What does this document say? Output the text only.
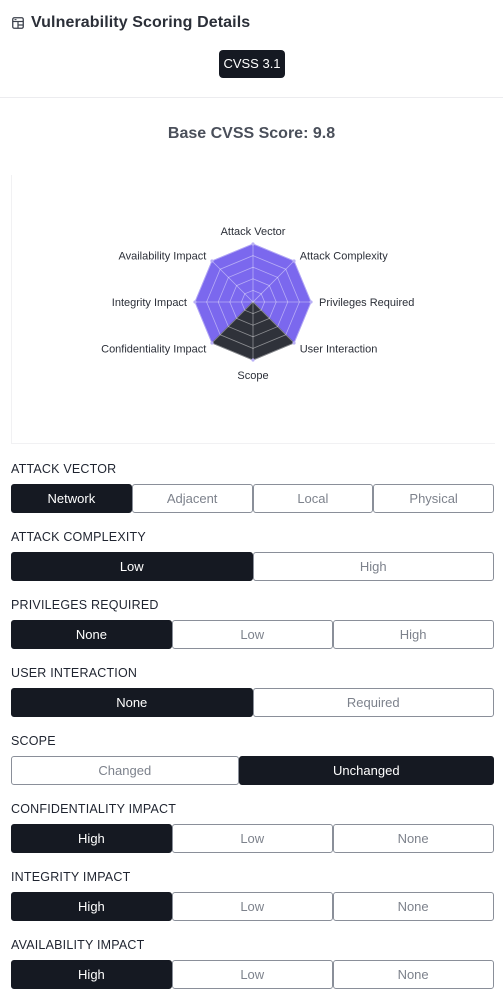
Vulnerability Scoring Details
CVSS 3.1
Base CVSS Score: 9.8
Attack Vector
Attack Complexity
Privileges Required
User Interaction
Scope
Confidentiality Impact
Integrity Impact
Availability Impact
ATTACK VECTOR
Network	Adjacent	Local	Physical
ATTACK COMPLEXITY
Low	High
PRIVILEGES REQUIRED
None	Low	High
USER INTERACTION
None	Required
SCOPE
Changed	Unchanged
CONFIDENTIALITY IMPACT
High	Low	None
INTEGRITY IMPACT
High	Low	None
AVAILABILITY IMPACT
High	Low	None
